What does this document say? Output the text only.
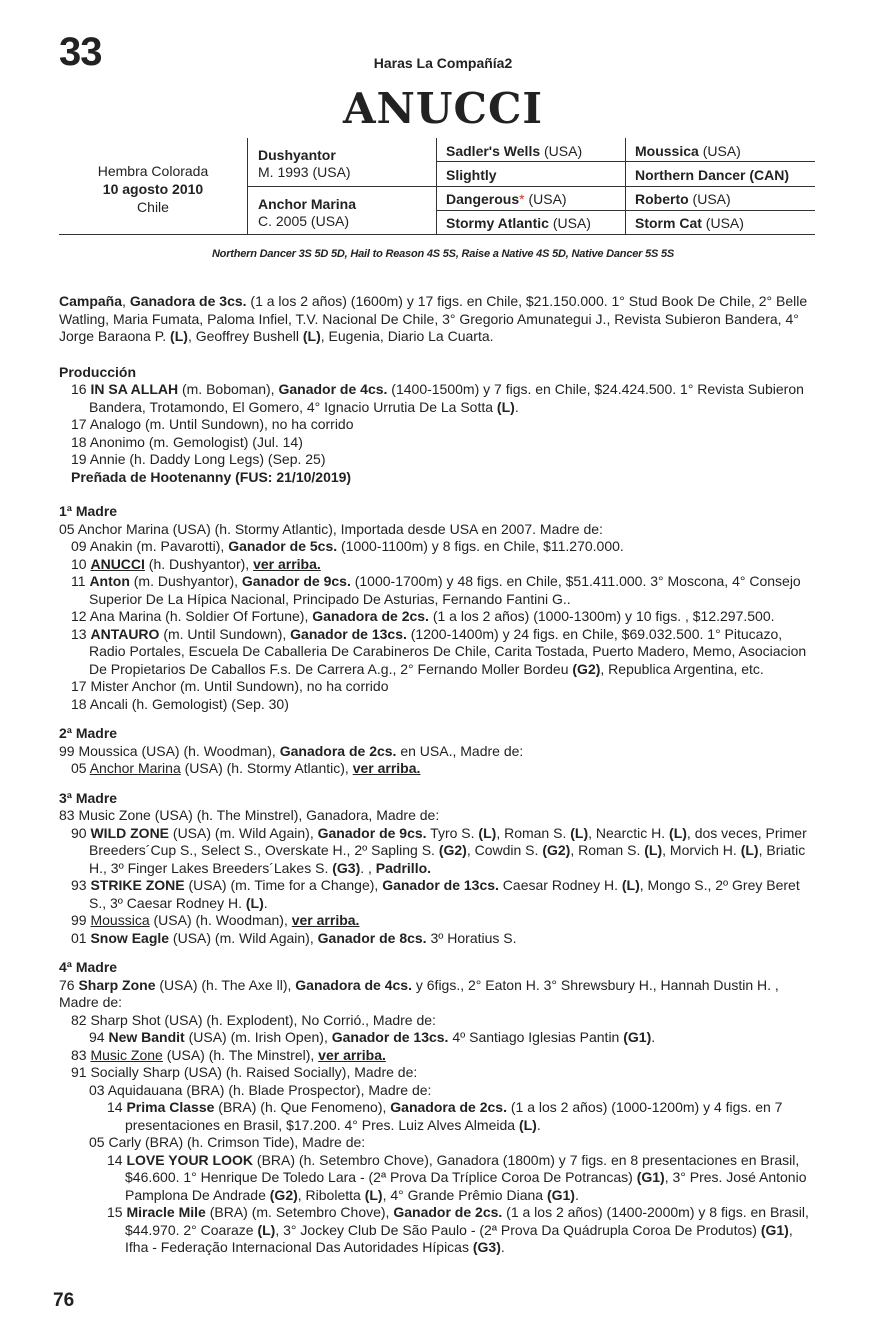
33	Haras La Compañía2
ANUCCI
Hembra Colorada
10 agosto 2010
Chile
Dushyantor
M. 1993 (USA)
Anchor Marina
C. 2005 (USA)
Sadler's Wells (USA)
Slightly
Dangerous* (USA)
Stormy Atlantic (USA)
Moussica (USA)
Northern Dancer (CAN)
Roberto (USA)
Storm Cat (USA)
Northern Dancer 3S 5D 5D, Hail to Reason 4S 5S, Raise a Native 4S 5D, Native Dancer 5S 5S

Campaña, Ganadora de 3cs. (1 a los 2 años) (1600m) y 17 figs. en Chile, $21.150.000. 1° Stud Book De Chile, 2° Belle Watling, Maria Fumata, Paloma Infiel, T.V. Nacional De Chile, 3° Gregorio Amunategui J., Revista Subieron Bandera, 4° Jorge Baraona P. (L), Geoffrey Bushell (L), Eugenia, Diario La Cuarta.

Producción

16 IN SA ALLAH (m. Boboman), Ganador de 4cs. (1400-1500m) y 7 figs. en Chile, $24.424.500. 1° Revista Subieron Bandera, Trotamondo, El Gomero, 4° Ignacio Urrutia De La Sotta (L).

17 Analogo (m. Until Sundown), no ha corrido

18 Anonimo (m. Gemologist) (Jul. 14)

19 Annie (h. Daddy Long Legs) (Sep. 25)

Preñada de Hootenanny (FUS: 21/10/2019)

1ª Madre

05 Anchor Marina (USA) (h. Stormy Atlantic), Importada desde USA en 2007. Madre de:

09 Anakin (m. Pavarotti), Ganador de 5cs. (1000-1100m) y 8 figs. en Chile, $11.270.000.

10 ANUCCI (h. Dushyantor), ver arriba.

11 Anton (m. Dushyantor), Ganador de 9cs. (1000-1700m) y 48 figs. en Chile, $51.411.000. 3° Moscona, 4° Consejo Superior De La Hípica Nacional, Principado De Asturias, Fernando Fantini G..

12 Ana Marina (h. Soldier Of Fortune), Ganadora de 2cs. (1 a los 2 años) (1000-1300m) y 10 figs. , $12.297.500.

13 ANTAURO (m. Until Sundown), Ganador de 13cs. (1200-1400m) y 24 figs. en Chile, $69.032.500. 1° Pitucazo, Radio Portales, Escuela De Caballeria De Carabineros De Chile, Carita Tostada, Puerto Madero, Memo, Asociacion De Propietarios De Caballos F.s. De Carrera A.g., 2° Fernando Moller Bordeu (G2), Republica Argentina, etc.

17 Mister Anchor (m. Until Sundown), no ha corrido

18 Ancali (h. Gemologist) (Sep. 30)

2ª Madre

99 Moussica (USA) (h. Woodman), Ganadora de 2cs. en USA., Madre de:

05 Anchor Marina (USA) (h. Stormy Atlantic), ver arriba.

3ª Madre

83 Music Zone (USA) (h. The Minstrel), Ganadora, Madre de:

90 WILD ZONE (USA) (m. Wild Again), Ganador de 9cs. Tyro S. (L), Roman S. (L), Nearctic H. (L), dos veces, Primer Breeders´Cup S., Select S., Overskate H., 2º Sapling S. (G2), Cowdin S. (G2), Roman S. (L), Morvich H. (L), Briatic H., 3º Finger Lakes Breeders´Lakes S. (G3). , Padrillo.

93 STRIKE ZONE (USA) (m. Time for a Change), Ganador de 13cs. Caesar Rodney H. (L), Mongo S., 2º Grey Beret S., 3º Caesar Rodney H. (L).

99 Moussica (USA) (h. Woodman), ver arriba.

01 Snow Eagle (USA) (m. Wild Again), Ganador de 8cs. 3º Horatius S.

4ª Madre

76 Sharp Zone (USA) (h. The Axe ll), Ganadora de 4cs. y 6figs., 2° Eaton H. 3° Shrewsbury H., Hannah Dustin H. , Madre de:

82 Sharp Shot (USA) (h. Explodent), No Corrió., Madre de:

94 New Bandit (USA) (m. Irish Open), Ganador de 13cs. 4º Santiago Iglesias Pantin (G1).

83 Music Zone (USA) (h. The Minstrel), ver arriba.

91 Socially Sharp (USA) (h. Raised Socially), Madre de:

03 Aquidauana (BRA) (h. Blade Prospector), Madre de:

14 Prima Classe (BRA) (h. Que Fenomeno), Ganadora de 2cs. (1 a los 2 años) (1000-1200m) y 4 figs. en 7 presentaciones en Brasil, $17.200. 4° Pres. Luiz Alves Almeida (L).

05 Carly (BRA) (h. Crimson Tide), Madre de:

14 LOVE YOUR LOOK (BRA) (h. Setembro Chove), Ganadora (1800m) y 7 figs. en 8 presentaciones en Brasil, $46.600. 1° Henrique De Toledo Lara - (2ª Prova Da Tríplice Coroa De Potrancas) (G1), 3° Pres. José Antonio Pamplona De Andrade (G2), Riboletta (L), 4° Grande Prêmio Diana (G1).

15 Miracle Mile (BRA) (m. Setembro Chove), Ganador de 2cs. (1 a los 2 años) (1400-2000m) y 8 figs. en Brasil, $44.970. 2° Coaraze (L), 3° Jockey Club De São Paulo - (2ª Prova Da Quádrupla Coroa De Produtos) (G1), Ifha - Federação Internacional Das Autoridades Hípicas (G3).

76
